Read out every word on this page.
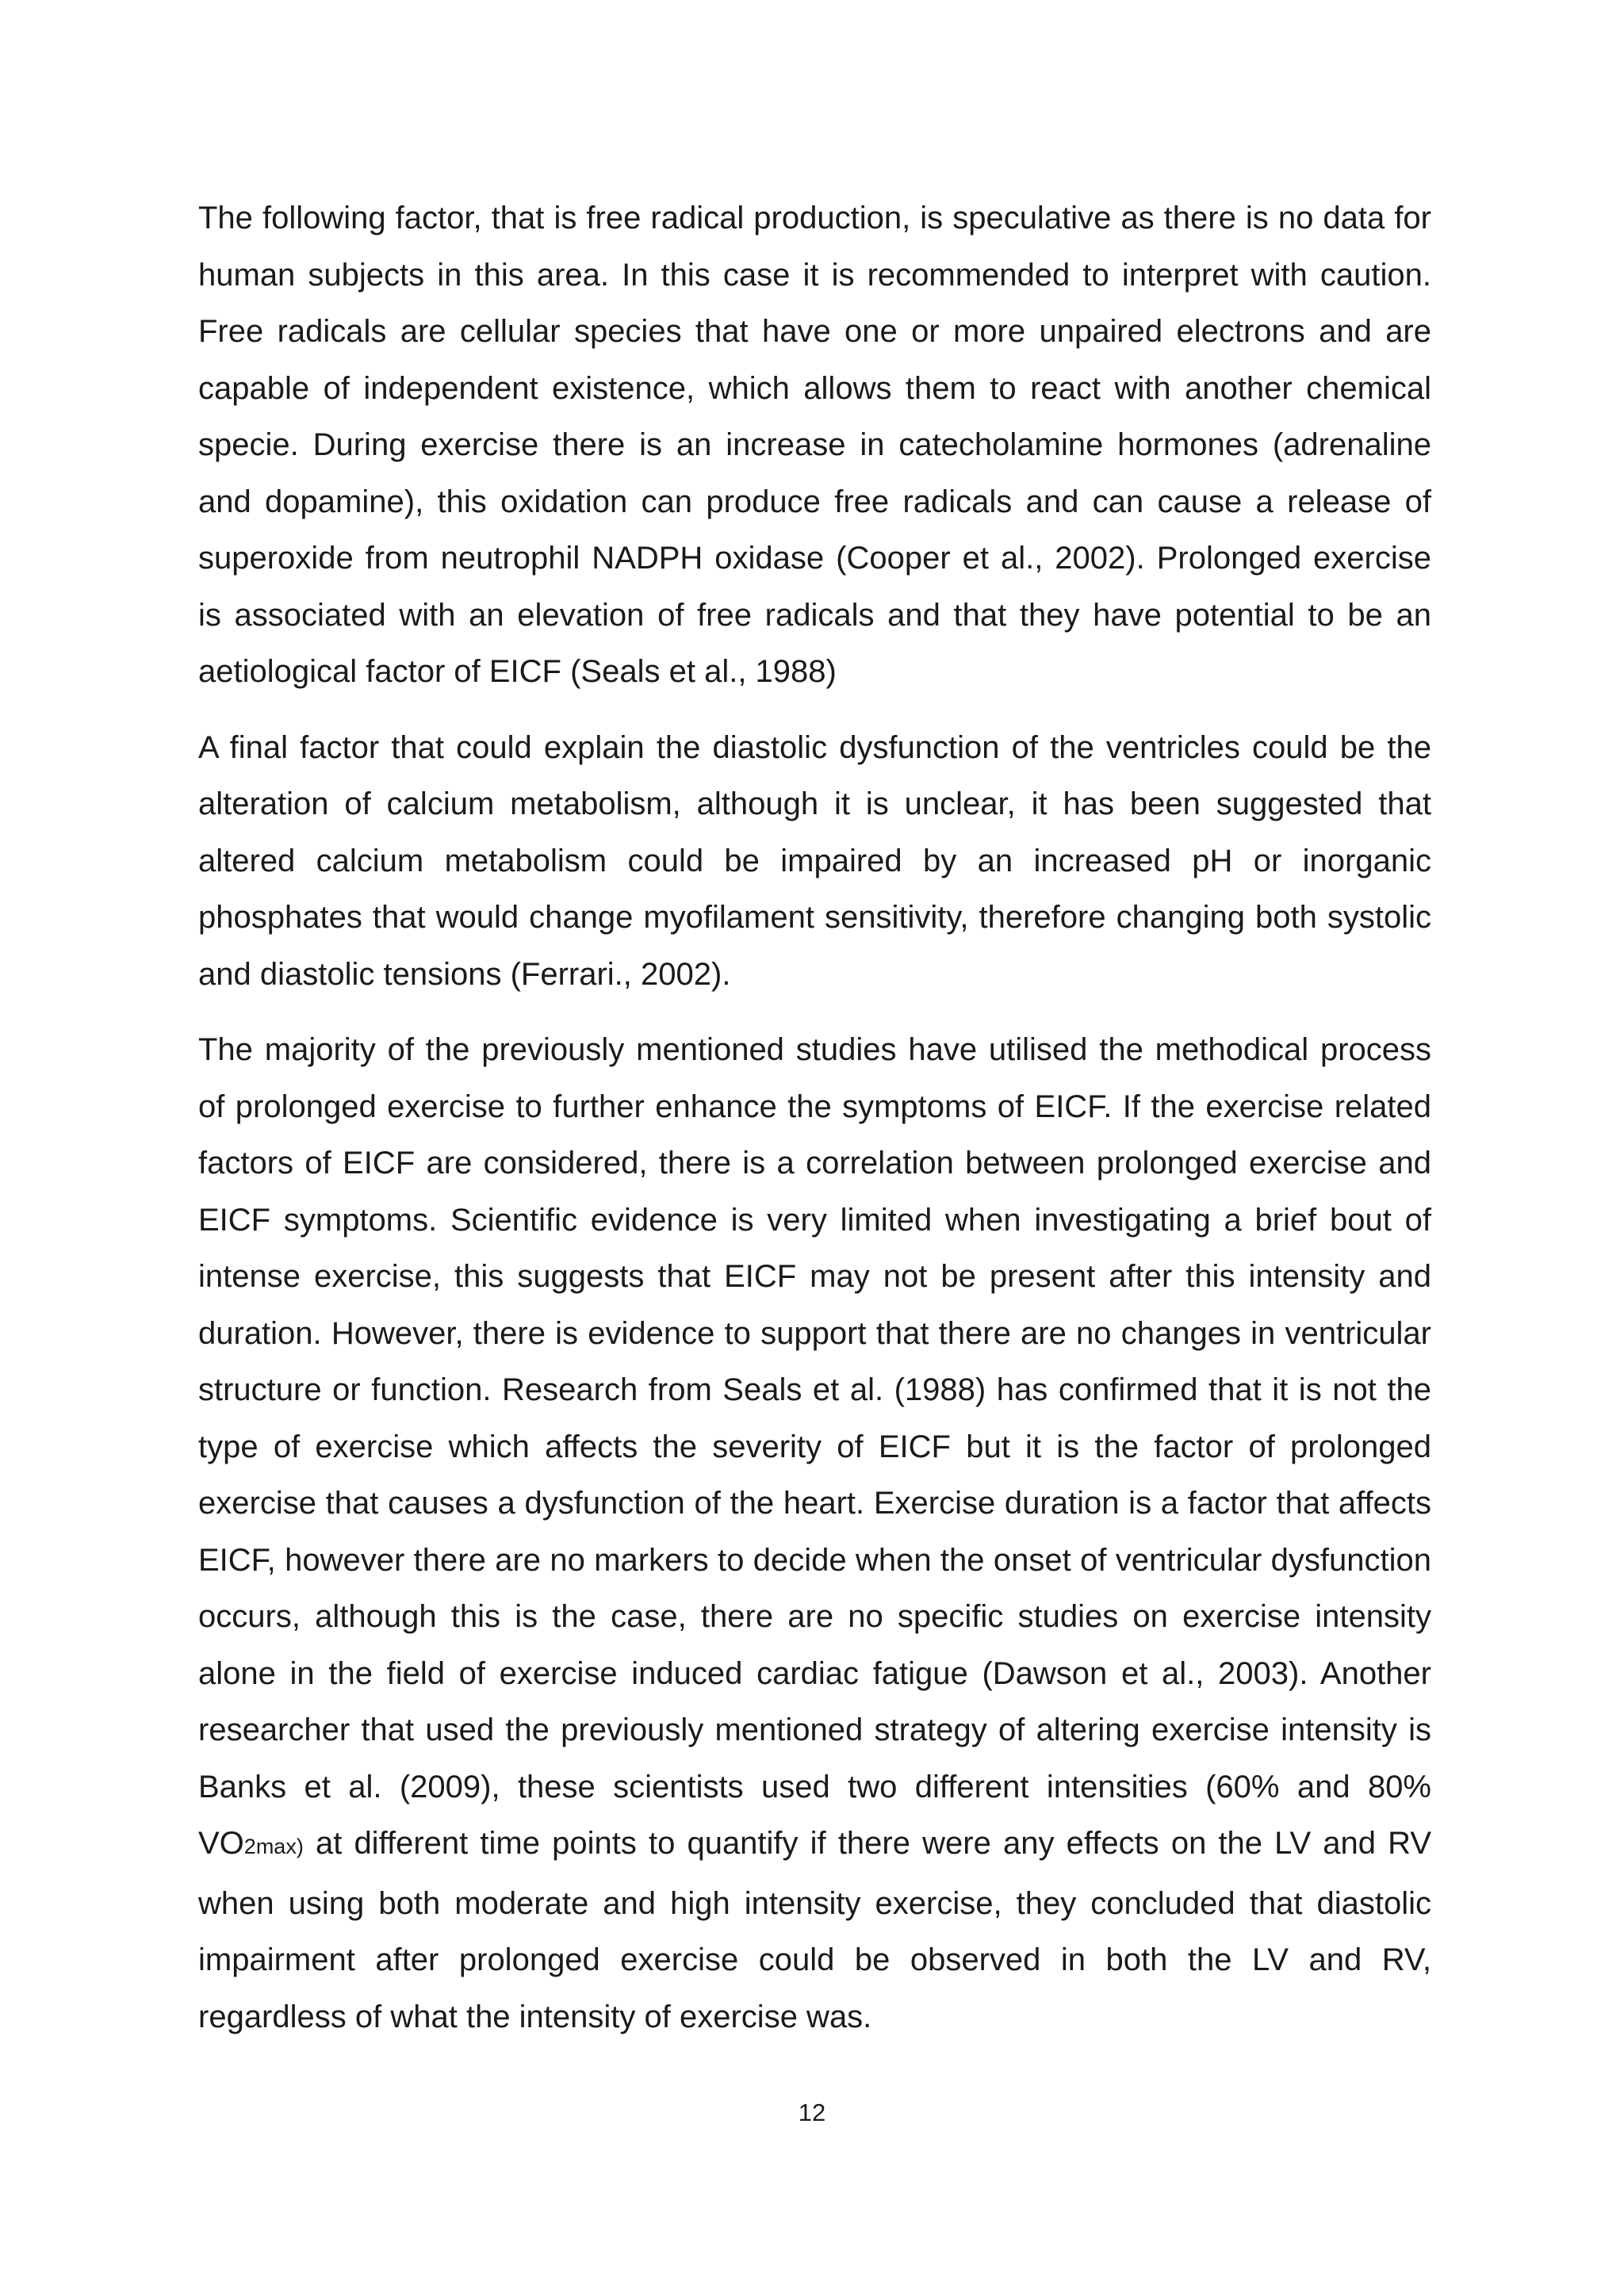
The following factor, that is free radical production, is speculative as there is no data for human subjects in this area. In this case it is recommended to interpret with caution. Free radicals are cellular species that have one or more unpaired electrons and are capable of independent existence, which allows them to react with another chemical specie. During exercise there is an increase in catecholamine hormones (adrenaline and dopamine), this oxidation can produce free radicals and can cause a release of superoxide from neutrophil NADPH oxidase (Cooper et al., 2002). Prolonged exercise is associated with an elevation of free radicals and that they have potential to be an aetiological factor of EICF (Seals et al., 1988)

A final factor that could explain the diastolic dysfunction of the ventricles could be the alteration of calcium metabolism, although it is unclear, it has been suggested that altered calcium metabolism could be impaired by an increased pH or inorganic phosphates that would change myofilament sensitivity, therefore changing both systolic and diastolic tensions (Ferrari., 2002).

The majority of the previously mentioned studies have utilised the methodical process of prolonged exercise to further enhance the symptoms of EICF. If the exercise related factors of EICF are considered, there is a correlation between prolonged exercise and EICF symptoms. Scientific evidence is very limited when investigating a brief bout of intense exercise, this suggests that EICF may not be present after this intensity and duration. However, there is evidence to support that there are no changes in ventricular structure or function. Research from Seals et al. (1988) has confirmed that it is not the type of exercise which affects the severity of EICF but it is the factor of prolonged exercise that causes a dysfunction of the heart. Exercise duration is a factor that affects EICF, however there are no markers to decide when the onset of ventricular dysfunction occurs, although this is the case, there are no specific studies on exercise intensity alone in the field of exercise induced cardiac fatigue (Dawson et al., 2003). Another researcher that used the previously mentioned strategy of altering exercise intensity is Banks et al. (2009), these scientists used two different intensities (60% and 80% VO2max) at different time points to quantify if there were any effects on the LV and RV when using both moderate and high intensity exercise, they concluded that diastolic impairment after prolonged exercise could be observed in both the LV and RV, regardless of what the intensity of exercise was.

12
